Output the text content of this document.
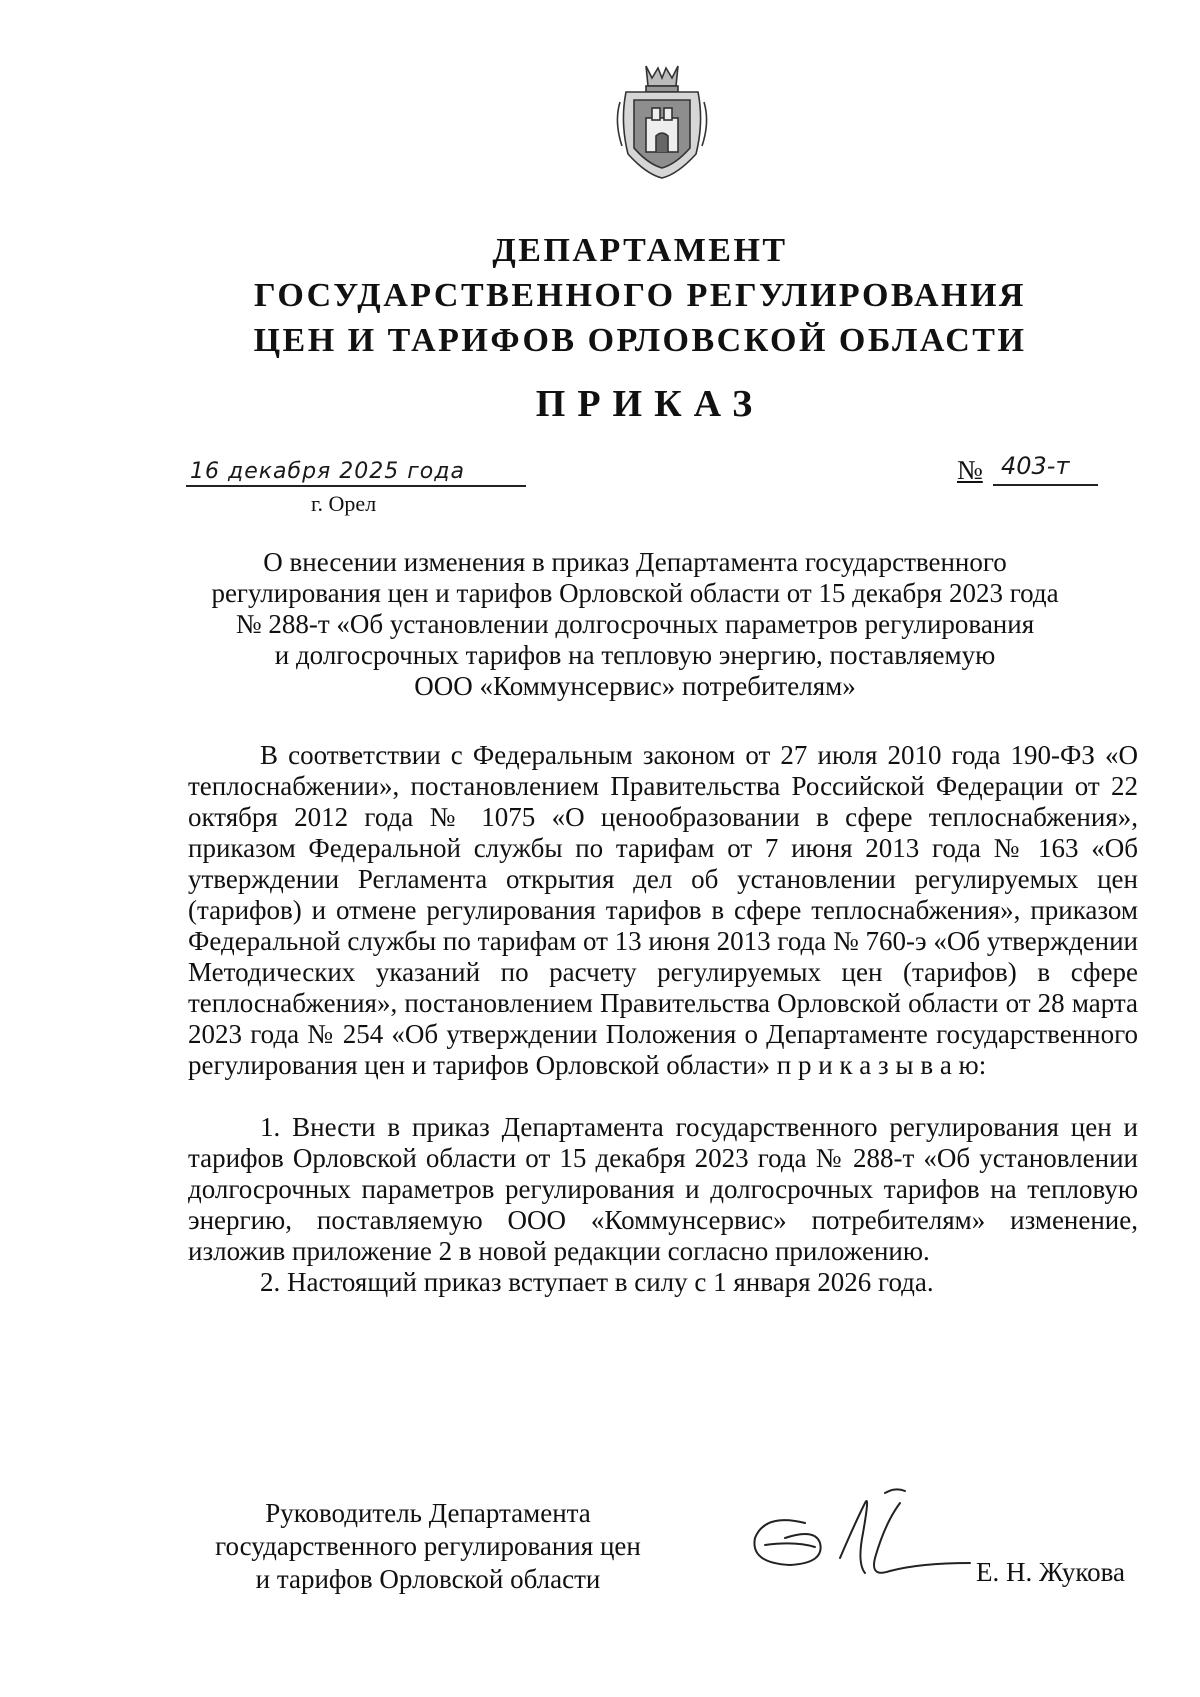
ДЕПАРТАМЕНТ
ГОСУДАРСТВЕННОГО РЕГУЛИРОВАНИЯ
ЦЕН И ТАРИФОВ ОРЛОВСКОЙ ОБЛАСТИ
ПРИКАЗ
16 декабря 2025 года	№ 403-т
г. Орел
О внесении изменения в приказ Департамента государственного
регулирования цен и тарифов Орловской области от 15 декабря 2023 года
№ 288-т «Об установлении долгосрочных параметров регулирования
и долгосрочных тарифов на тепловую энергию, поставляемую
ООО «Коммунсервис» потребителям»

В соответствии с Федеральным законом от 27 июля 2010 года 190-ФЗ «О теплоснабжении», постановлением Правительства Российской Федерации от 22 октября 2012 года № 1075 «О ценообразовании в сфере теплоснабжения», приказом Федеральной службы по тарифам от 7 июня 2013 года № 163 «Об утверждении Регламента открытия дел об установлении регулируемых цен (тарифов) и отмене регулирования тарифов в сфере теплоснабжения», приказом Федеральной службы по тарифам от 13 июня 2013 года № 760-э «Об утверждении Методических указаний по расчету регулируемых цен (тарифов) в сфере теплоснабжения», постановлением Правительства Орловской области от 28 марта 2023 года № 254 «Об утверждении Положения о Департаменте государственного регулирования цен и тарифов Орловской области» п р и к а з ы в а ю:

1. Внести в приказ Департамента государственного регулирования цен и тарифов Орловской области от 15 декабря 2023 года № 288-т «Об установлении долгосрочных параметров регулирования и долгосрочных тарифов на тепловую энергию, поставляемую ООО «Коммунсервис» потребителям» изменение, изложив приложение 2 в новой редакции согласно приложению.

2. Настоящий приказ вступает в силу с 1 января 2026 года.

Руководитель Департамента
государственного регулирования цен
и тарифов Орловской области	Е. Н. Жукова
